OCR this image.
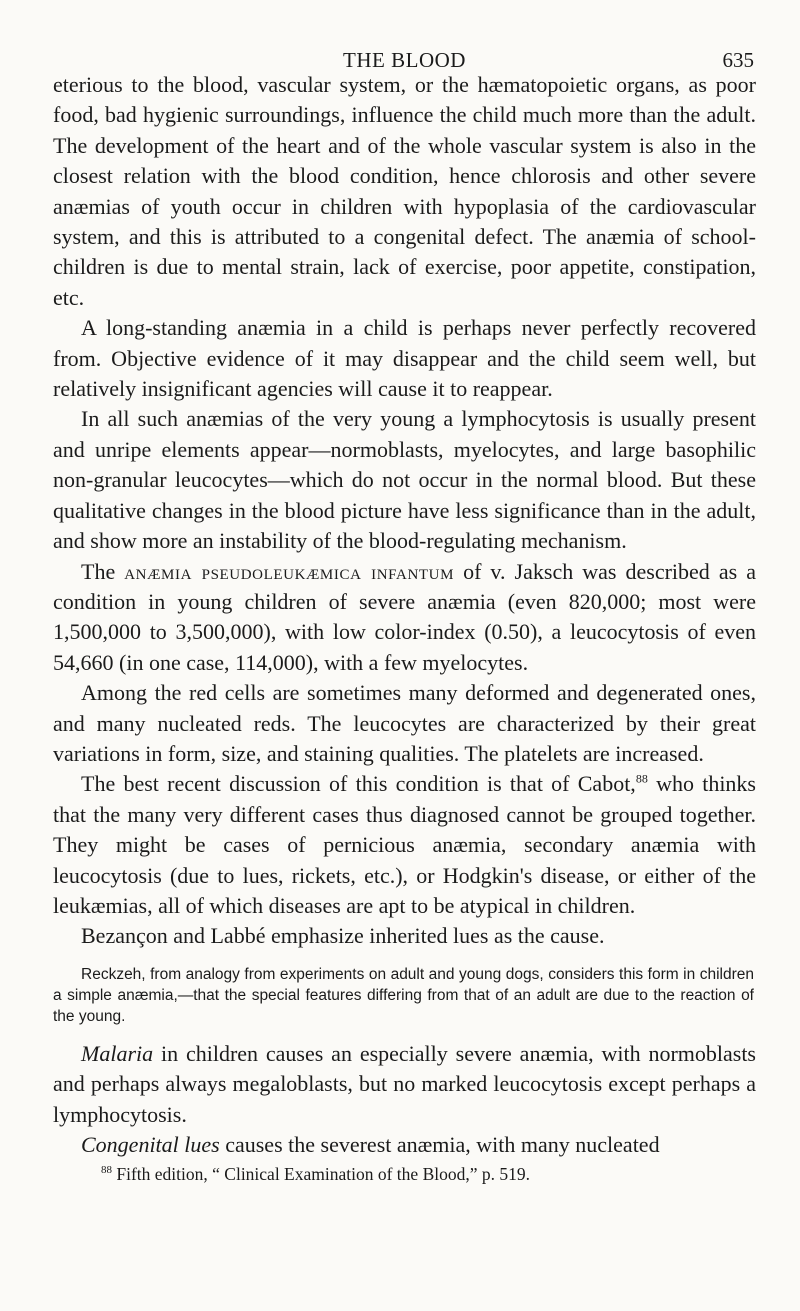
THE BLOOD	635

eterious to the blood, vascular system, or the hæmatopoietic organs, as poor food, bad hygienic surroundings, influence the child much more than the adult. The development of the heart and of the whole vascular system is also in the closest relation with the blood condition, hence chlorosis and other severe anæmias of youth occur in children with hypoplasia of the cardiovascular system, and this is attributed to a congenital defect. The anæmia of school-children is due to mental strain, lack of exercise, poor appetite, constipation, etc.

A long-standing anæmia in a child is perhaps never perfectly recovered from. Objective evidence of it may disappear and the child seem well, but relatively insignificant agencies will cause it to reappear.

In all such anæmias of the very young a lymphocytosis is usually present and unripe elements appear—normoblasts, myelocytes, and large basophilic non-granular leucocytes—which do not occur in the normal blood. But these qualitative changes in the blood picture have less significance than in the adult, and show more an instability of the blood-regulating mechanism.

The anæmia pseudoleukæmica infantum of v. Jaksch was described as a condition in young children of severe anæmia (even 820,000; most were 1,500,000 to 3,500,000), with low color-index (0.50), a leucocytosis of even 54,660 (in one case, 114,000), with a few myelocytes.

Among the red cells are sometimes many deformed and degenerated ones, and many nucleated reds. The leucocytes are characterized by their great variations in form, size, and staining qualities. The platelets are increased.

The best recent discussion of this condition is that of Cabot,$^{88}$ who thinks that the many very different cases thus diagnosed cannot be grouped together. They might be cases of pernicious anæmia, secondary anæmia with leucocytosis (due to lues, rickets, etc.), or Hodgkin's disease, or either of the leukæmias, all of which diseases are apt to be atypical in children.

Bezançon and Labbé emphasize inherited lues as the cause.

Reckzeh, from analogy from experiments on adult and young dogs, considers this form in children a simple anæmia,—that the special features differing from that of an adult are due to the reaction of the young.

Malaria in children causes an especially severe anæmia, with normoblasts and perhaps always megaloblasts, but no marked leucocytosis except perhaps a lymphocytosis.

Congenital lues causes the severest anæmia, with many nucleated

$^{88}$ Fifth edition, “ Clinical Examination of the Blood,” p. 519.
